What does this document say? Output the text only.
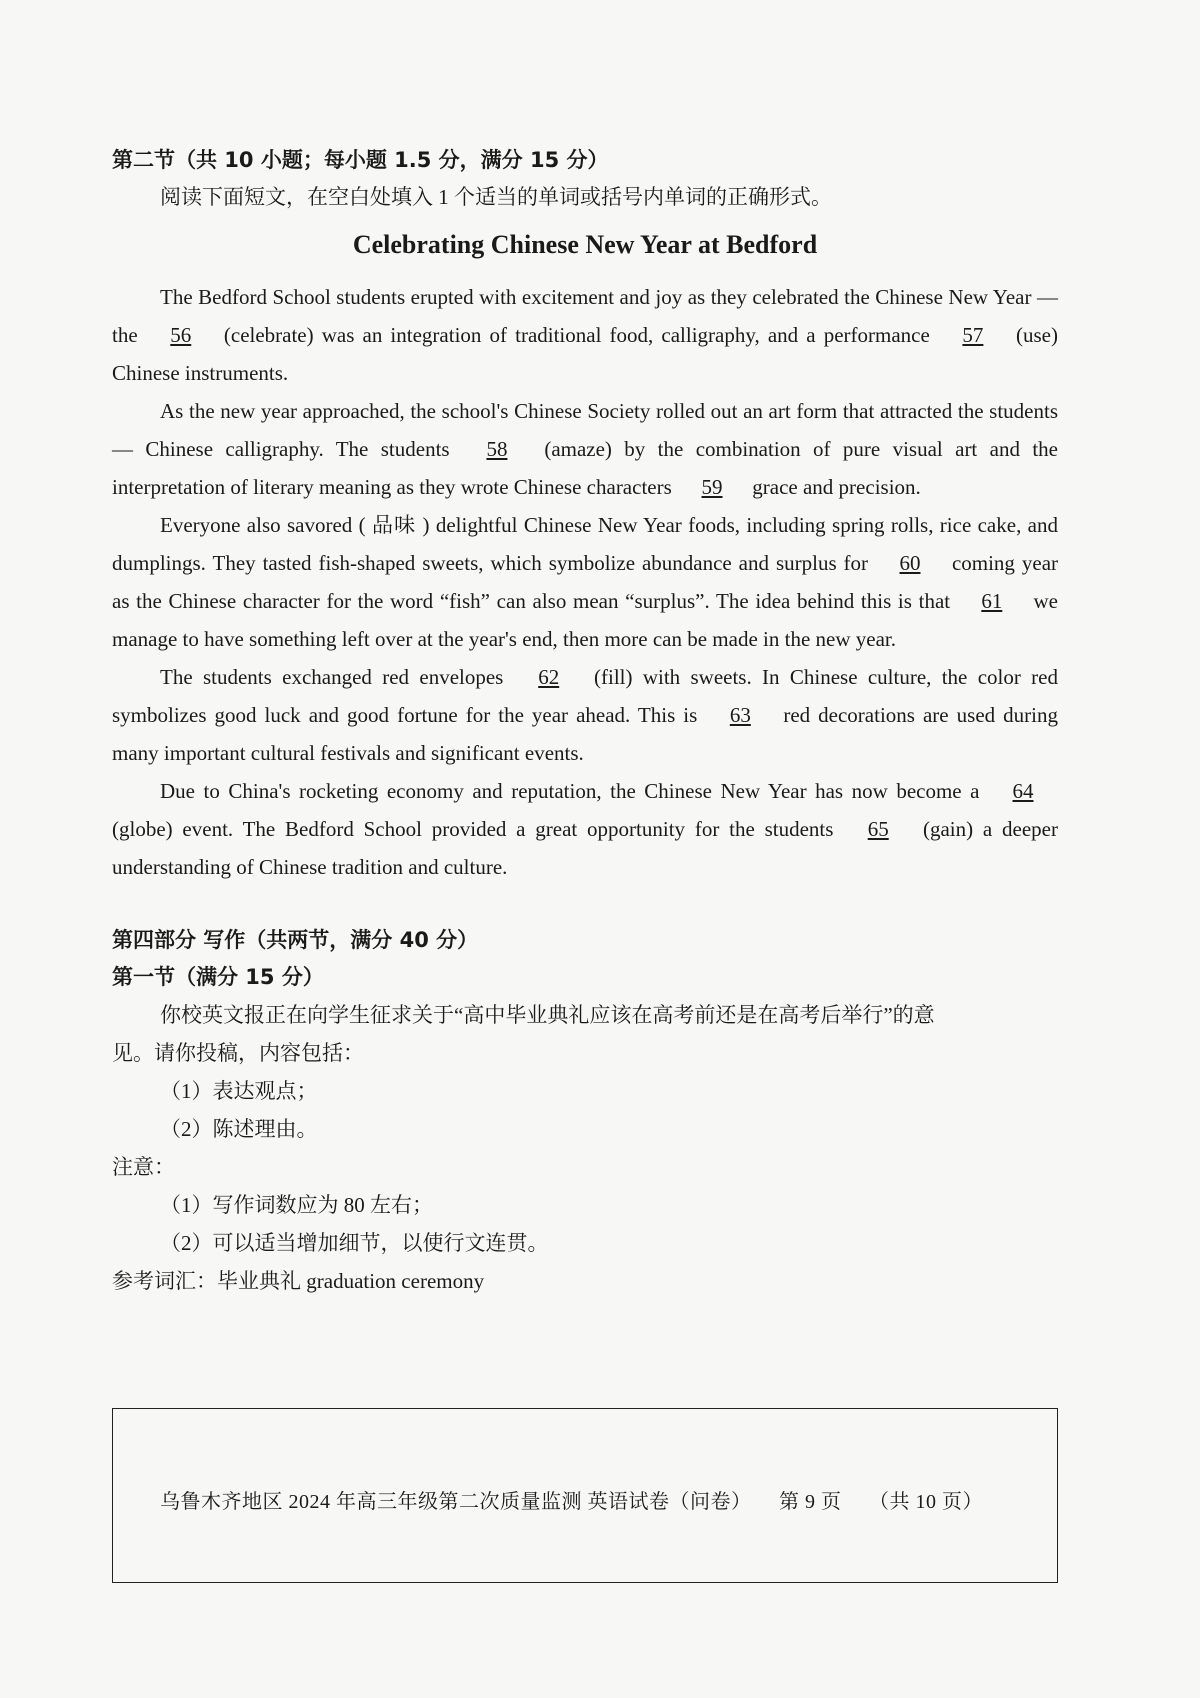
第二节（共 10 小题；每小题 1.5 分，满分 15 分）
阅读下面短文，在空白处填入 1 个适当的单词或括号内单词的正确形式。
Celebrating Chinese New Year at Bedford

The Bedford School students erupted with excitement and joy as they celebrated the Chinese New Year — the 56 (celebrate) was an integration of traditional food, calligraphy, and a performance 57 (use) Chinese instruments.

As the new year approached, the school's Chinese Society rolled out an art form that attracted the students — Chinese calligraphy. The students 58 (amaze) by the combination of pure visual art and the interpretation of literary meaning as they wrote Chinese characters 59 grace and precision.

Everyone also savored ( 品味 ) delightful Chinese New Year foods, including spring rolls, rice cake, and dumplings. They tasted fish-shaped sweets, which symbolize abundance and surplus for 60 coming year as the Chinese character for the word “fish” can also mean “surplus”. The idea behind this is that 61 we manage to have something left over at the year's end, then more can be made in the new year.

The students exchanged red envelopes 62 (fill) with sweets. In Chinese culture, the color red symbolizes good luck and good fortune for the year ahead. This is 63 red decorations are used during many important cultural festivals and significant events.

Due to China's rocketing economy and reputation, the Chinese New Year has now become a 64 (globe) event. The Bedford School provided a great opportunity for the students 65 (gain) a deeper understanding of Chinese tradition and culture.

第四部分 写作（共两节，满分 40 分）
第一节（满分 15 分）
你校英文报正在向学生征求关于“高中毕业典礼应该在高考前还是在高考后举行”的意
见。请你投稿，内容包括：
（1）表达观点；
（2）陈述理由。
注意：
（1）写作词数应为 80 左右；
（2）可以适当增加细节，以使行文连贯。
参考词汇：毕业典礼 graduation ceremony
乌鲁木齐地区 2024 年高三年级第二次质量监测 英语试卷（问卷） 第 9 页 （共 10 页）
